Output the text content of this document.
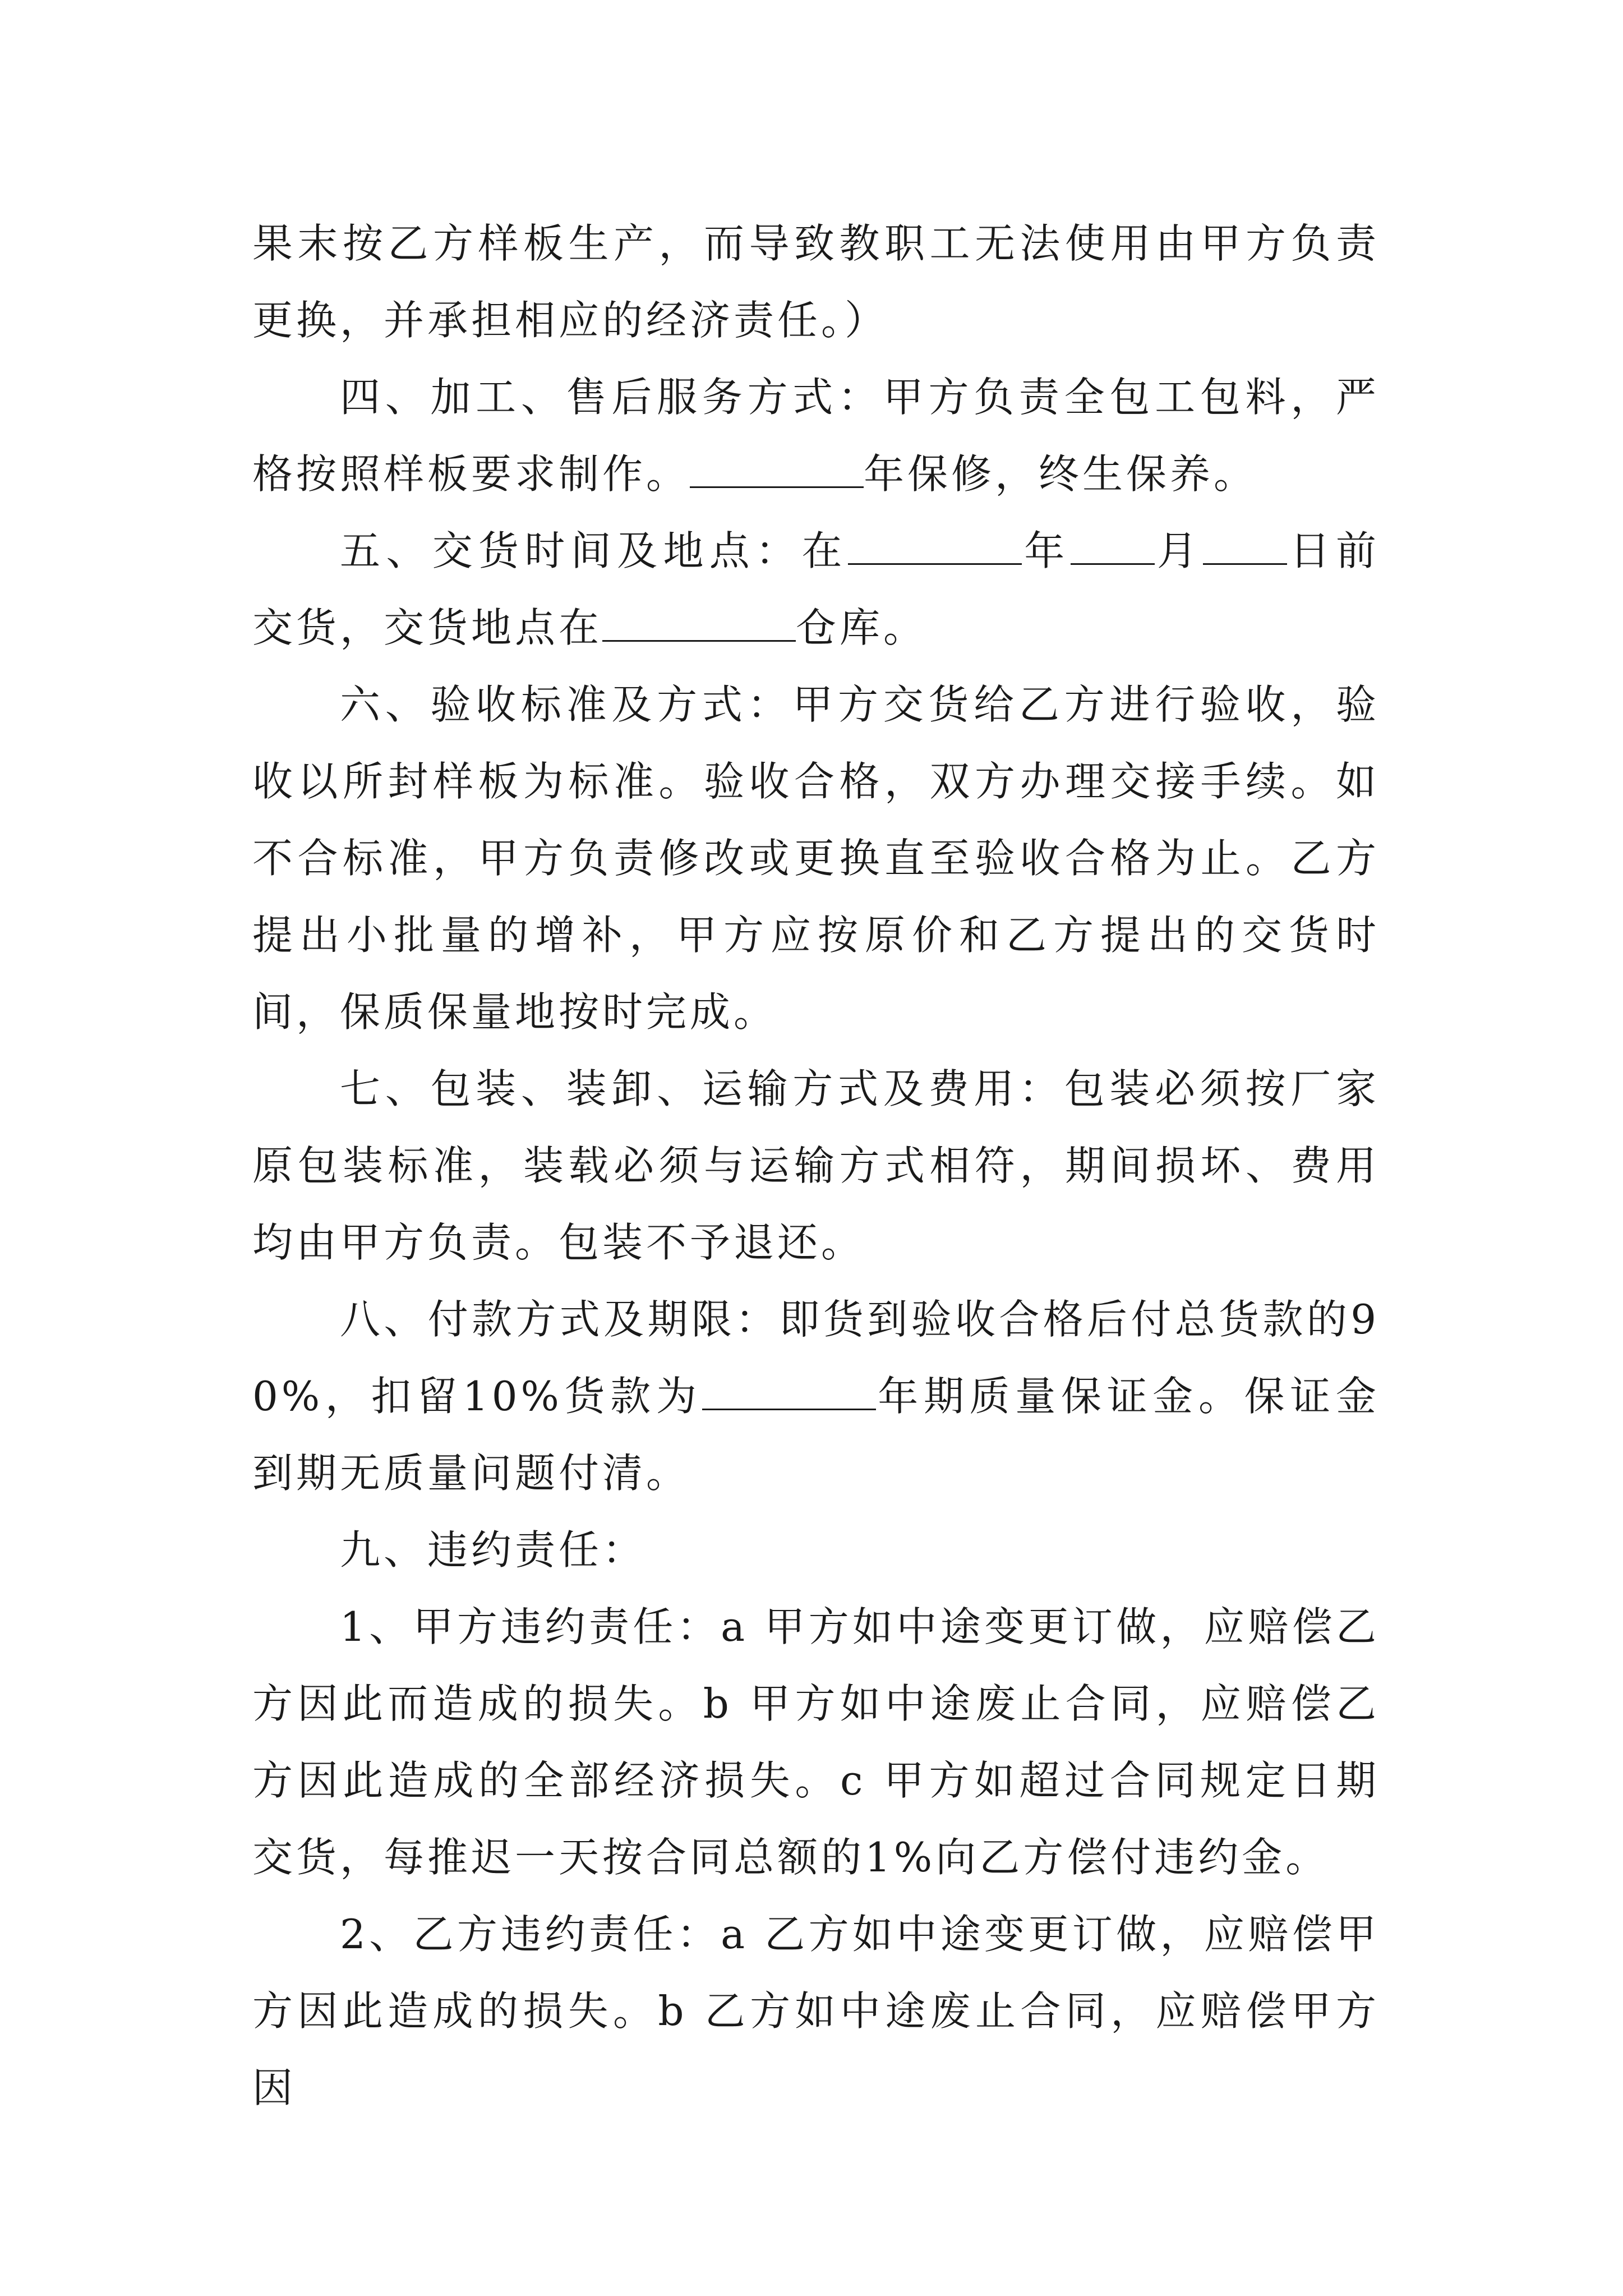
果末按乙方样板生产，而导致教职工无法使用由甲方负责更换，并承担相应的经济责任。）

四、加工、售后服务方式：甲方负责全包工包料，严格按照样板要求制作。	年保修，终生保养。

五、交货时间及地点：在	年 月 日前交货，交货地点在	仓库。

六、验收标准及方式：甲方交货给乙方进行验收，验收以所封样板为标准。验收合格，双方办理交接手续。如不合标准，甲方负责修改或更换直至验收合格为止。乙方提出小批量的增补，甲方应按原价和乙方提出的交货时间，保质保量地按时完成。

七、包装、装卸、运输方式及费用：包装必须按厂家原包装标准，装载必须与运输方式相符，期间损坏、费用均由甲方负责。包装不予退还。

八、付款方式及期限：即货到验收合格后付总货款的90%，扣留10%货款为	年期质量保证金。保证金到期无质量问题付清。

九、违约责任：

1、甲方违约责任：a 甲方如中途变更订做，应赔偿乙方因此而造成的损失。b 甲方如中途废止合同，应赔偿乙方因此造成的全部经济损失。c 甲方如超过合同规定日期交货，每推迟一天按合同总额的1%向乙方偿付违约金。

2、乙方违约责任：a 乙方如中途变更订做，应赔偿甲方因此造成的损失。b 乙方如中途废止合同，应赔偿甲方因
